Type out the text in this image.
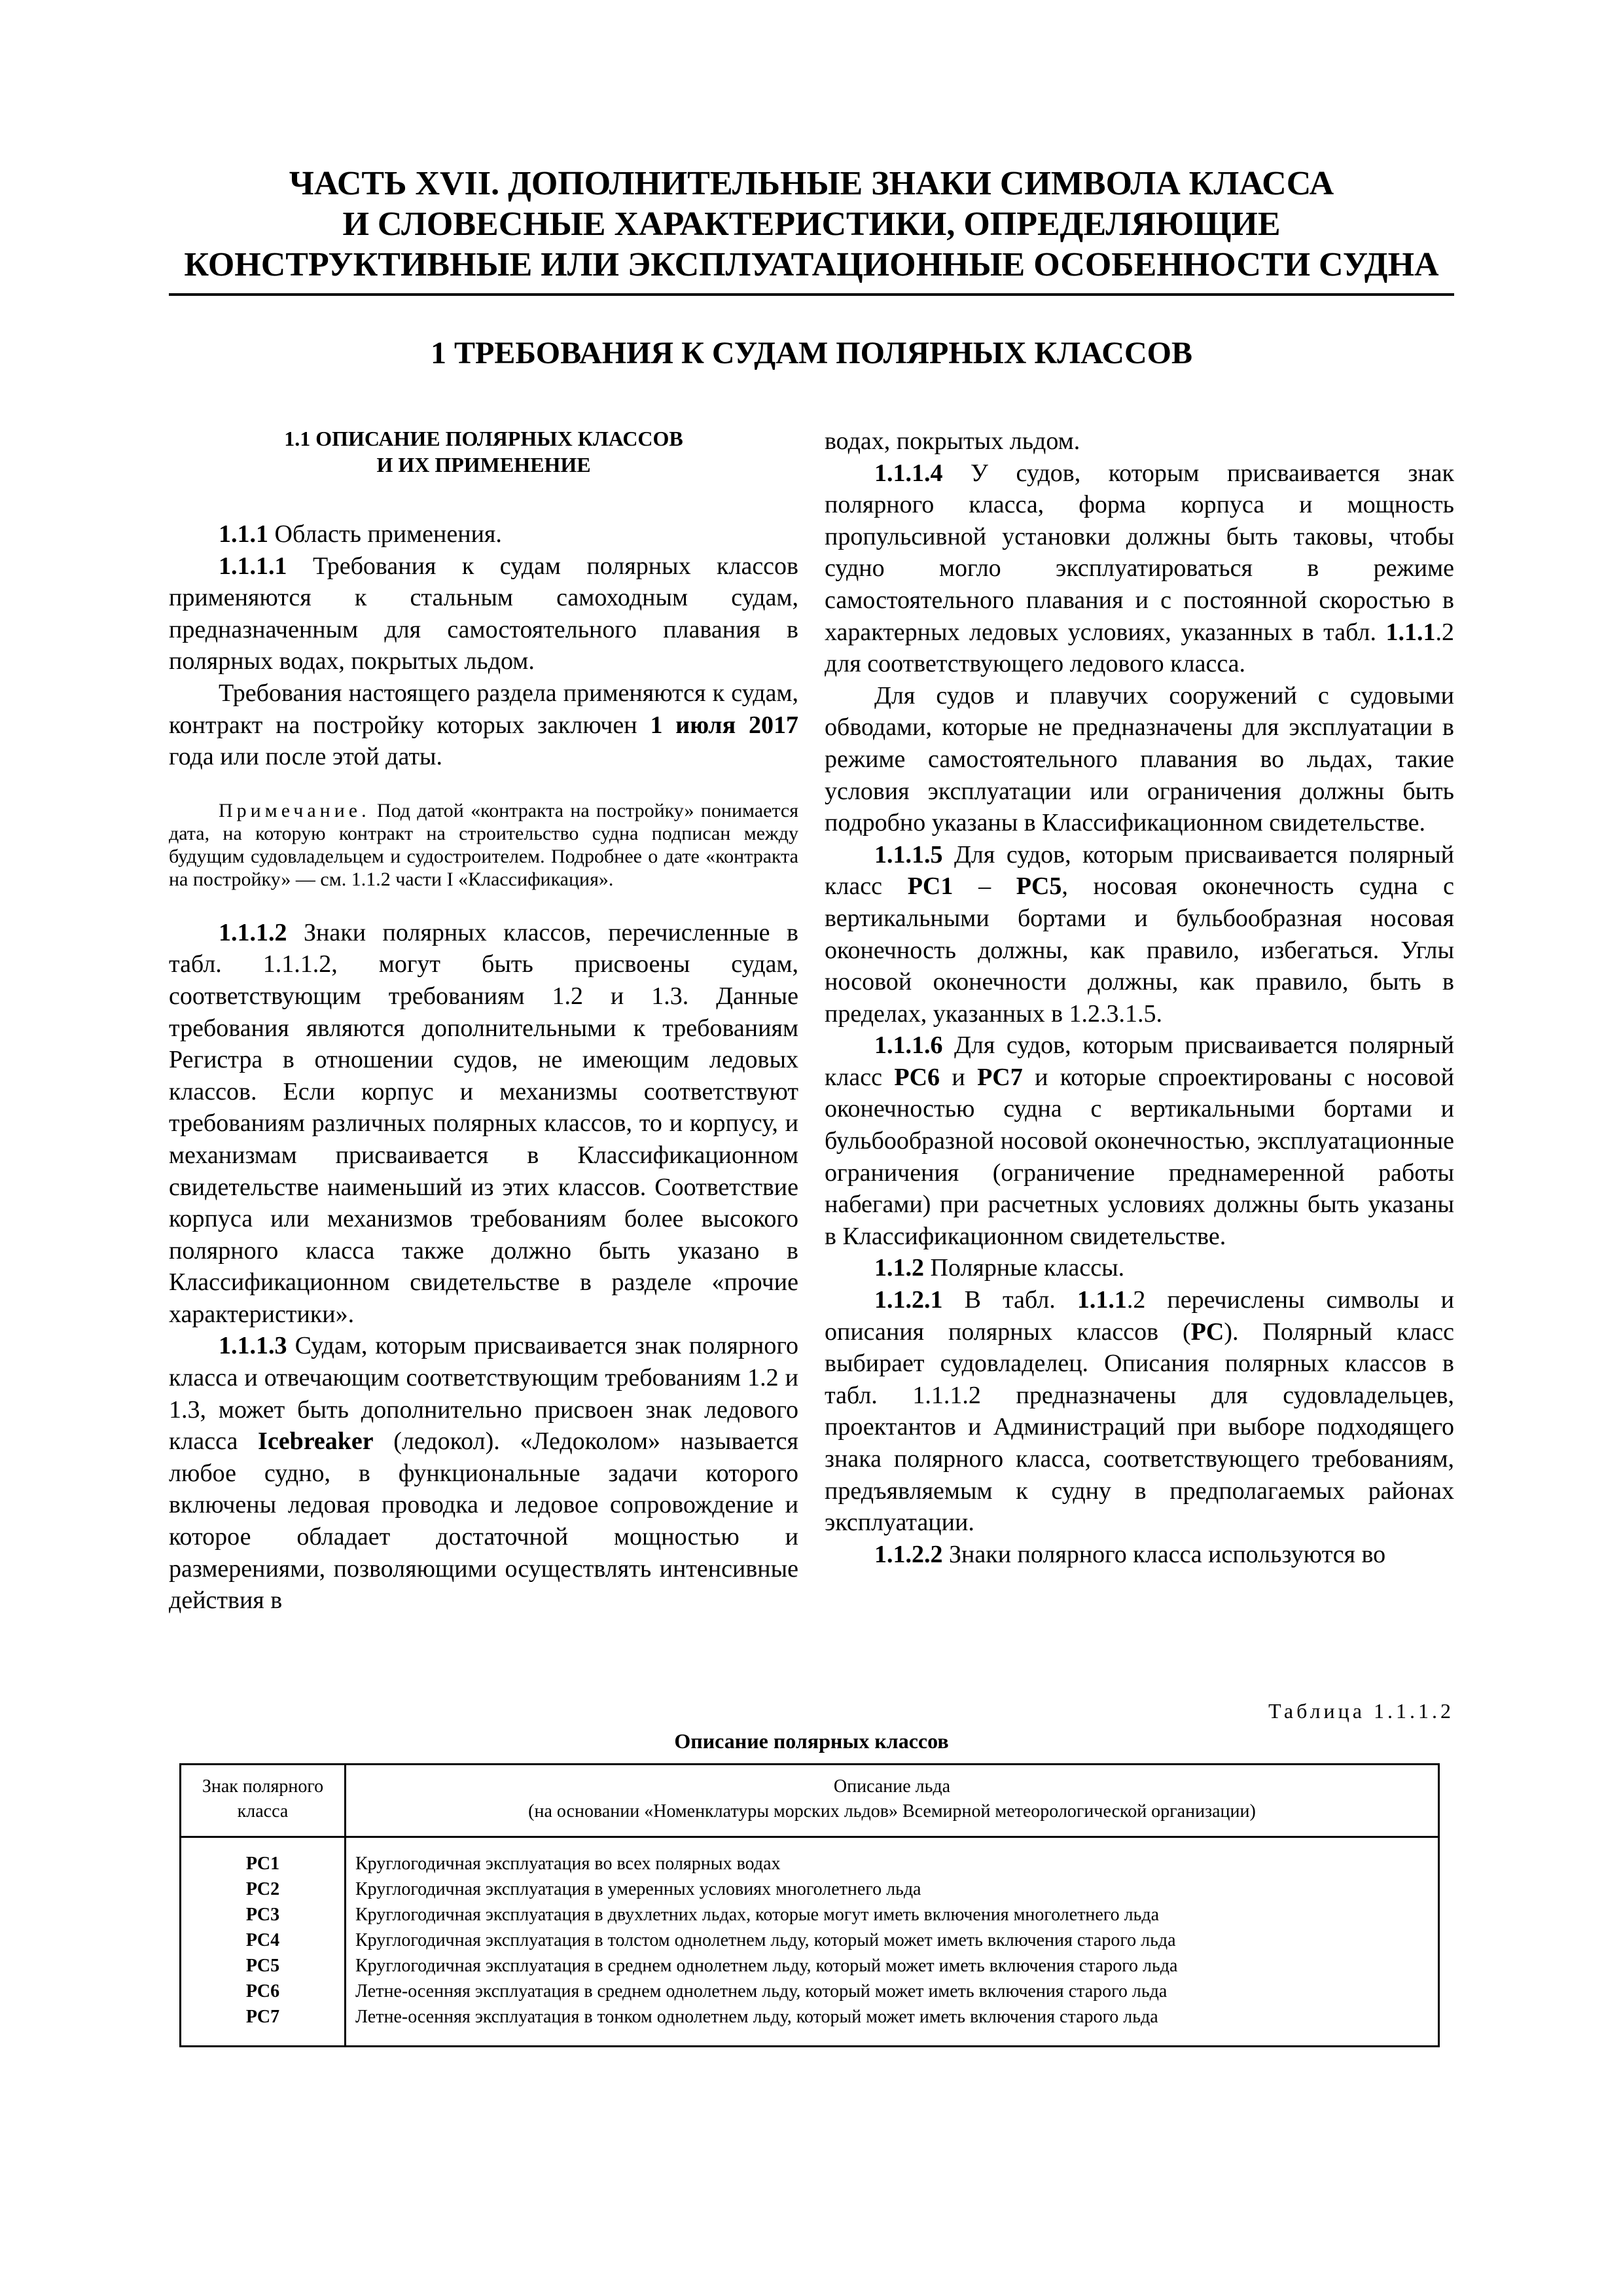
ЧАСТЬ XVII. ДОПОЛНИТЕЛЬНЫЕ ЗНАКИ СИМВОЛА КЛАССА
И СЛОВЕСНЫЕ ХАРАКТЕРИСТИКИ, ОПРЕДЕЛЯЮЩИЕ
КОНСТРУКТИВНЫЕ ИЛИ ЭКСПЛУАТАЦИОННЫЕ ОСОБЕННОСТИ СУДНА
1 ТРЕБОВАНИЯ К СУДАМ ПОЛЯРНЫХ КЛАССОВ
1.1 ОПИСАНИЕ ПОЛЯРНЫХ КЛАССОВ
И ИХ ПРИМЕНЕНИЕ

1.1.1 Область применения.

1.1.1.1 Требования к судам полярных классов применяются к стальным самоходным судам, предназначенным для самостоятельного плавания в полярных водах, покрытых льдом.

Требования настоящего раздела применяются к судам, контракт на постройку которых заключен 1 июля 2017 года или после этой даты.

Примечание. Под датой «контракта на постройку» понимается дата, на которую контракт на строительство судна подписан между будущим судовладельцем и судостроителем. Подробнее о дате «контракта на постройку» — см. 1.1.2 части I «Классификация».

1.1.1.2 Знаки полярных классов, перечисленные в табл. 1.1.1.2, могут быть присвоены судам, соответствующим требованиям 1.2 и 1.3. Данные требования являются дополнительными к требованиям Регистра в отношении судов, не имеющим ледовых классов. Если корпус и механизмы соответствуют требованиям различных полярных классов, то и корпусу, и механизмам присваивается в Классификационном свидетельстве наименьший из этих классов. Соответствие корпуса или механизмов требованиям более высокого полярного класса также должно быть указано в Классификационном свидетельстве в разделе «прочие характеристики».

1.1.1.3 Судам, которым присваивается знак полярного класса и отвечающим соответствующим требованиям 1.2 и 1.3, может быть дополнительно присвоен знак ледового класса Icebreaker (ледокол). «Ледоколом» называется любое судно, в функциональные задачи которого включены ледовая проводка и ледовое сопровождение и которое обладает достаточной мощностью и размерениями, позволяющими осуществлять интенсивные действия в

водах, покрытых льдом.

1.1.1.4 У судов, которым присваивается знак полярного класса, форма корпуса и мощность пропульсивной установки должны быть таковы, чтобы судно могло эксплуатироваться в режиме самостоятельного плавания и с постоянной скоростью в характерных ледовых условиях, указанных в табл. 1.1.1.2 для соответствующего ледового класса.

Для судов и плавучих сооружений с судовыми обводами, которые не предназначены для эксплуатации в режиме самостоятельного плавания во льдах, такие условия эксплуатации или ограничения должны быть подробно указаны в Классификационном свидетельстве.

1.1.1.5 Для судов, которым присваивается полярный класс PC1 – PC5, носовая оконечность судна с вертикальными бортами и бульбообразная носовая оконечность должны, как правило, избегаться. Углы носовой оконечности должны, как правило, быть в пределах, указанных в 1.2.3.1.5.

1.1.1.6 Для судов, которым присваивается полярный класс PC6 и PC7 и которые спроектированы с носовой оконечностью судна с вертикальными бортами и бульбообразной носовой оконечностью, эксплуатационные ограничения (ограничение преднамеренной работы набегами) при расчетных условиях должны быть указаны в Классификационном свидетельстве.

1.1.2 Полярные классы.

1.1.2.1 В табл. 1.1.1.2 перечислены символы и описания полярных классов (PC). Полярный класс выбирает судовладелец. Описания полярных классов в табл. 1.1.1.2 предназначены для судовладельцев, проектантов и Администраций при выборе подходящего знака полярного класса, соответствующего требованиям, предъявляемым к судну в предполагаемых районах эксплуатации.

1.1.2.2 Знаки полярного класса используются во

Таблица 1.1.1.2
Описание полярных классов
Знак полярного класса
Описание льда
(на основании «Номенклатуры морских льдов» Всемирной метеорологической организации)
PC1
PC2
PC3
PC4
PC5
PC6
PC7
Круглогодичная эксплуатация во всех полярных водах
Круглогодичная эксплуатация в умеренных условиях многолетнего льда
Круглогодичная эксплуатация в двухлетних льдах, которые могут иметь включения многолетнего льда
Круглогодичная эксплуатация в толстом однолетнем льду, который может иметь включения старого льда
Круглогодичная эксплуатация в среднем однолетнем льду, который может иметь включения старого льда
Летне-осенняя эксплуатация в среднем однолетнем льду, который может иметь включения старого льда
Летне-осенняя эксплуатация в тонком однолетнем льду, который может иметь включения старого льда
